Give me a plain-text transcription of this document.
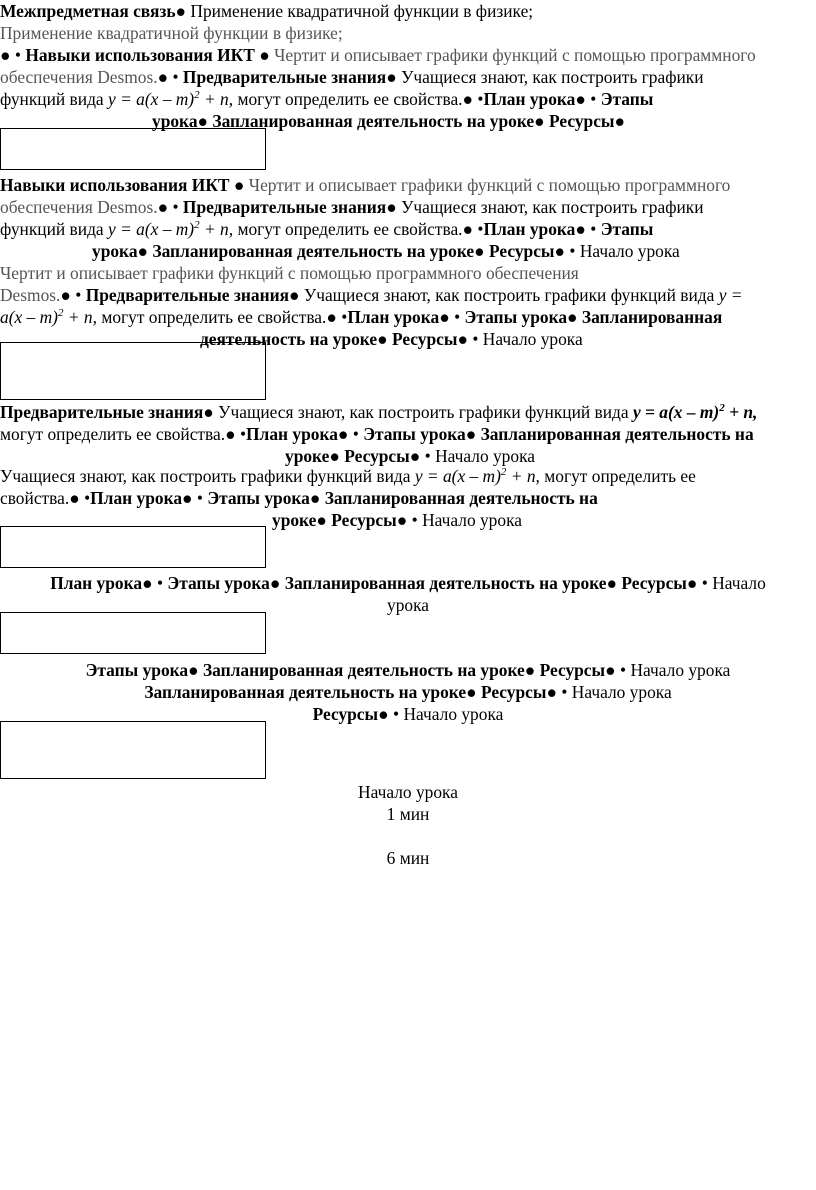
Межпредметная связь● Применение квадратичной функции в физике;
Применение квадратичной функции в физике;
● • Навыки использования ИКТ ● Чертит и описывает графики функций с помощью программного
обеспечения Desmos.● • Предварительные знания● Учащиеся знают, как построить графики
функций вида y = a(x – m)$^2$ + n, могут определить ее свойства.● •План урока● • Этапы
урока● Запланированная деятельность на уроке● Ресурсы●
Навыки использования ИКТ ● Чертит и описывает графики функций с помощью программного
обеспечения Desmos.● • Предварительные знания● Учащиеся знают, как построить графики
функций вида y = a(x – m)$^2$ + n, могут определить ее свойства.● •План урока● • Этапы
урока● Запланированная деятельность на уроке● Ресурсы● • Начало урока
Чертит и описывает графики функций с помощью программного обеспечения
Desmos.● • Предварительные знания● Учащиеся знают, как построить графики функций вида y =
a(x – m)$^2$ + n, могут определить ее свойства.● •План урока● • Этапы урока● Запланированная
деятельность на уроке● Ресурсы● • Начало урока
Предварительные знания● Учащиеся знают, как построить графики функций вида y = a(x – m)$^2$ + n,
могут определить ее свойства.● •План урока● • Этапы урока● Запланированная деятельность на
уроке● Ресурсы● • Начало урока
Учащиеся знают, как построить графики функций вида y = a(x – m)$^2$ + n, могут определить ее
свойства.● •План урока● • Этапы урока● Запланированная деятельность на
уроке● Ресурсы● • Начало урока
План урока● • Этапы урока● Запланированная деятельность на уроке● Ресурсы● • Начало
урока
Этапы урока● Запланированная деятельность на уроке● Ресурсы● • Начало урока
Запланированная деятельность на уроке● Ресурсы● • Начало урока
Ресурсы● • Начало урока
Начало урока
1 мин
6 мин
